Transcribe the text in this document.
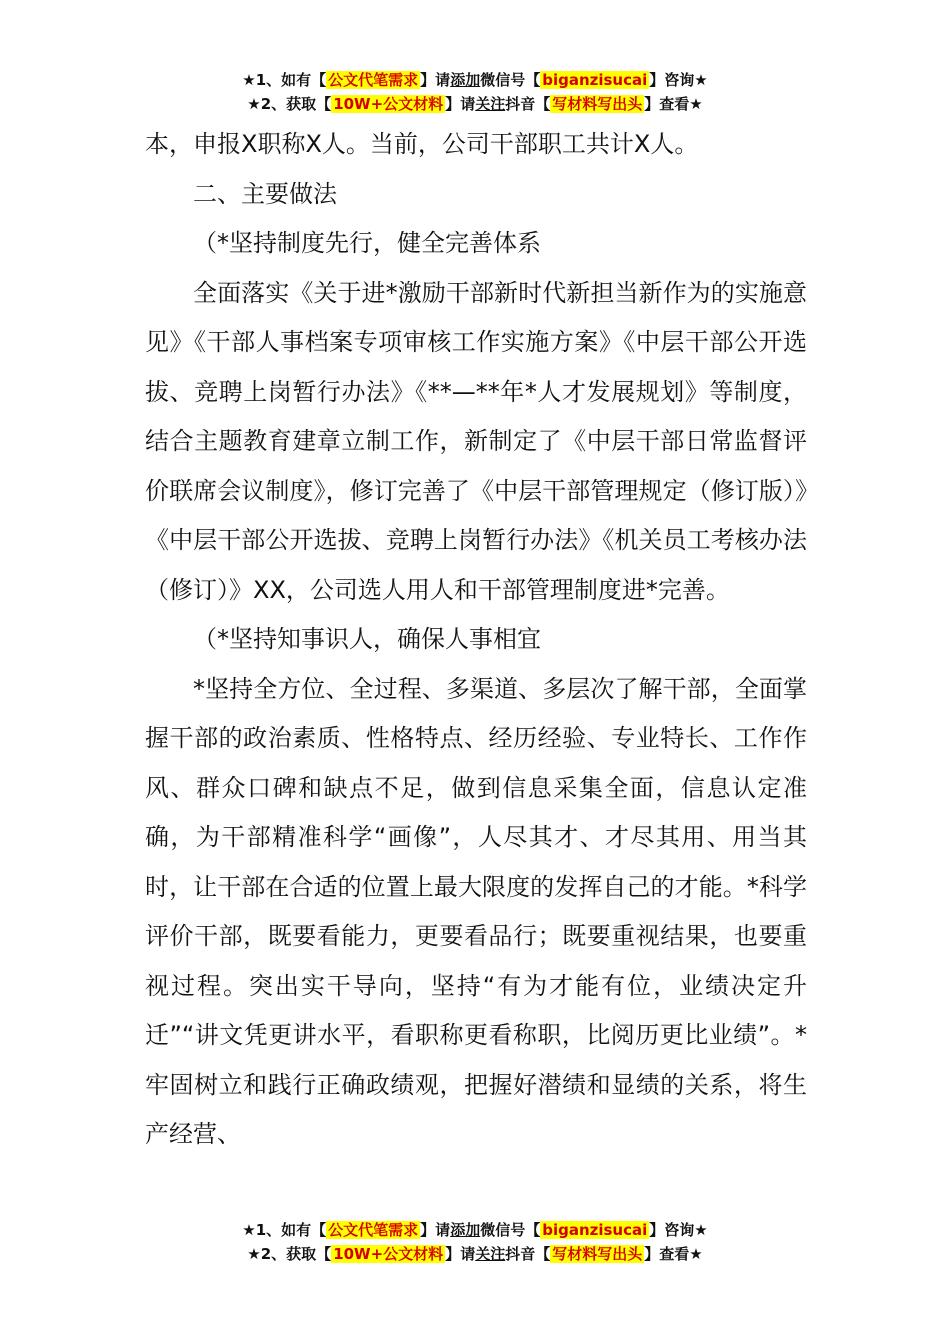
★1、如有【 公文代笔需求 】请添加微信号【 biganzisucai 】咨询★
★2、获取【 10W+公文材料 】请关注抖音【 写材料写出头 】查看★

本，申报X职称X人。当前，公司干部职工共计X人。

二、主要做法

（*坚持制度先行，健全完善体系

全面落实《关于进*激励干部新时代新担当新作为的实施意见》《干部人事档案专项审核工作实施方案》《中层干部公开选拔、竞聘上岗暂行办法》《**—**年*人才发展规划》等制度，结合主题教育建章立制工作，新制定了《中层干部日常监督评价联席会议制度》，修订完善了《中层干部管理规定（修订版）》《中层干部公开选拔、竞聘上岗暂行办法》《机关员工考核办法（修订）》XX，公司选人用人和干部管理制度进*完善。

（*坚持知事识人，确保人事相宜

*坚持全方位、全过程、多渠道、多层次了解干部，全面掌握干部的政治素质、性格特点、经历经验、专业特长、工作作风、群众口碑和缺点不足，做到信息采集全面，信息认定准确，为干部精准科学“画像”，人尽其才、才尽其用、用当其时，让干部在合适的位置上最大限度的发挥自己的才能。*科学评价干部，既要看能力，更要看品行；既要重视结果，也要重视过程。突出实干导向，坚持“有为才能有位，业绩决定升迁”“讲文凭更讲水平，看职称更看称职，比阅历更比业绩”。*牢固树立和践行正确政绩观，把握好潜绩和显绩的关系，将生产经营、

★1、如有【 公文代笔需求 】请添加微信号【 biganzisucai 】咨询★
★2、获取【 10W+公文材料 】请关注抖音【 写材料写出头 】查看★
